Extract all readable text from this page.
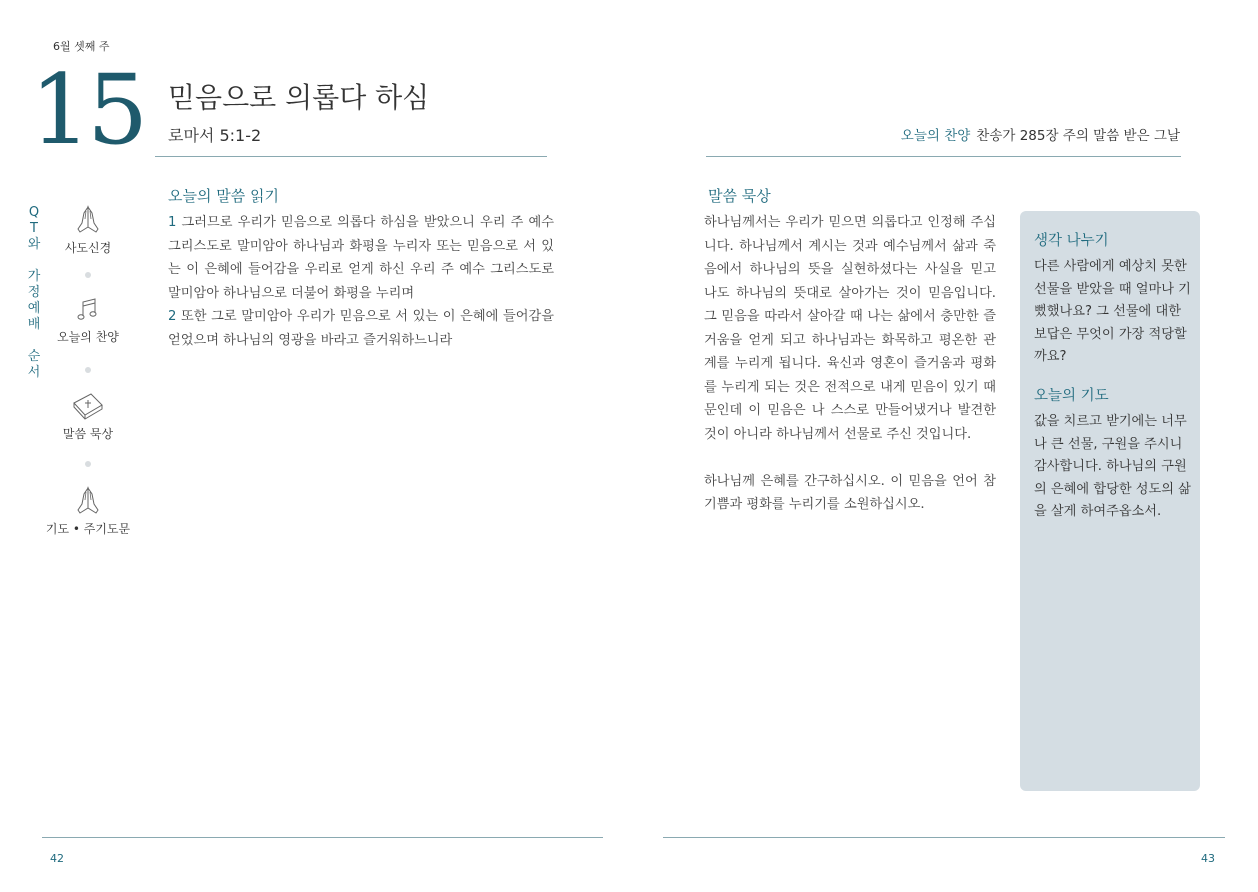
6월 셋째 주
15 믿음으로 의롭다 하심
로마서 5:1-2	오늘의 찬양 찬송가 285장 주의 말씀 받은 그날
Q
T
와
가
정
예
배
순
서
사도신경
오늘의 찬양
말씀 묵상
기도 • 주기도문
오늘의 말씀 읽기
1 그러므로 우리가 믿음으로 의롭다 하심을 받았으니 우리 주 예수 그리스도로 말미암아 하나님과 화평을 누리자 또는 믿음으로 서 있는 이 은혜에 들어감을 우리로 얻게 하신 우리 주 예수 그리스도로 말미암아 하나님으로 더불어 화평을 누리며
2 또한 그로 말미암아 우리가 믿음으로 서 있는 이 은혜에 들어감을 얻었으며 하나님의 영광을 바라고 즐거워하느니라
말씀 묵상

하나님께서는 우리가 믿으면 의롭다고 인정해 주십니다. 하나님께서 계시는 것과 예수님께서 삶과 죽음에서 하나님의 뜻을 실현하셨다는 사실을 믿고 나도 하나님의 뜻대로 살아가는 것이 믿음입니다. 그 믿음을 따라서 살아갈 때 나는 삶에서 충만한 즐거움을 얻게 되고 하나님과는 화목하고 평온한 관계를 누리게 됩니다. 육신과 영혼이 즐거움과 평화를 누리게 되는 것은 전적으로 내게 믿음이 있기 때문인데 이 믿음은 나 스스로 만들어냈거나 발견한 것이 아니라 하나님께서 선물로 주신 것입니다.

하나님께 은혜를 간구하십시오. 이 믿음을 언어 참 기쁨과 평화를 누리기를 소원하십시오.

생각 나누기
다른 사람에게 예상치 못한 선물을 받았을 때 얼마나 기뻤했나요? 그 선물에 대한 보답은 무엇이 가장 적당할까요?
오늘의 기도
값을 치르고 받기에는 너무나 큰 선물, 구원을 주시니 감사합니다. 하나님의 구원의 은혜에 합당한 성도의 삶을 살게 하여주옵소서.
42	43
